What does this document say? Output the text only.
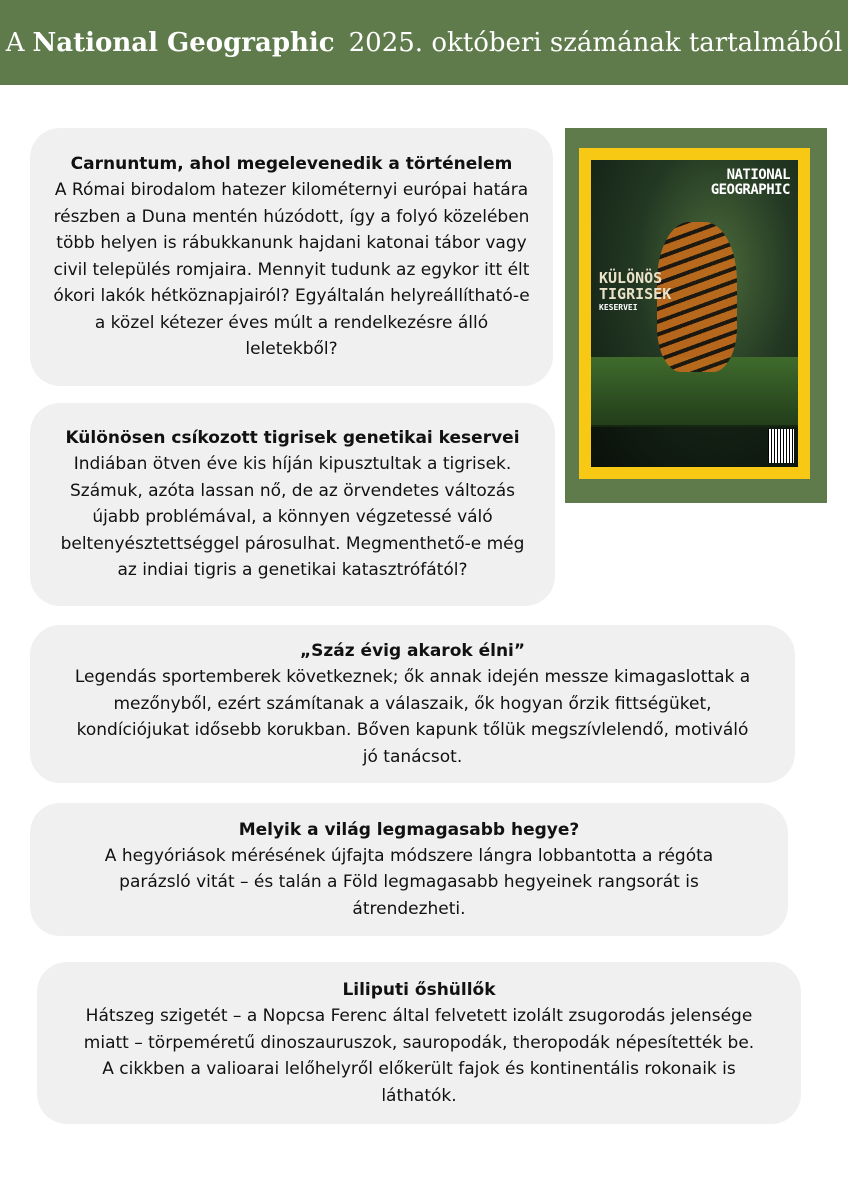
A National Geographic 2025. októberi számának tartalmából
Carnuntum, ahol megelevenedik a történelem

A Római birodalom hatezer kilométernyi európai határa részben a Duna mentén húzódott, így a folyó közelében több helyen is rábukkanunk hajdani katonai tábor vagy civil település romjaira. Mennyit tudunk az egykor itt élt ókori lakók hétköznapjairól? Egyáltalán helyreállítható-e a közel kétezer éves múlt a rendelkezésre álló leletekből?

Különösen csíkozott tigrisek genetikai keservei

Indiában ötven éve kis híján kipusztultak a tigrisek. Számuk, azóta lassan nő, de az örvendetes változás újabb problémával, a könnyen végzetessé váló beltenyésztettséggel párosulhat. Megmenthető-e még az indiai tigris a genetikai katasztrófától?

„Száz évig akarok élni”

Legendás sportemberek következnek; ők annak idején messze kimagaslottak a mezőnyből, ezért számítanak a válaszaik, ők hogyan őrzik fittségüket, kondíciójukat idősebb korukban. Bőven kapunk tőlük megszívlelendő, motiváló jó tanácsot.

Melyik a világ legmagasabb hegye?

A hegyóriások mérésének újfajta módszere lángra lobbantotta a régóta parázsló vitát – és talán a Föld legmagasabb hegyeinek rangsorát is átrendezheti.

Liliputi őshüllők

Hátszeg szigetét – a Nopcsa Ferenc által felvetett izolált zsugorodás jelensége miatt – törpeméretű dinoszauruszok, sauropodák, theropodák népesítették be. A cikkben a valioarai lelőhelyről előkerült fajok és kontinentális rokonaik is láthatók.

NATIONAL
GEOGRAPHIC
KÜLÖNÖS
TIGRISEK
KESERVEI
